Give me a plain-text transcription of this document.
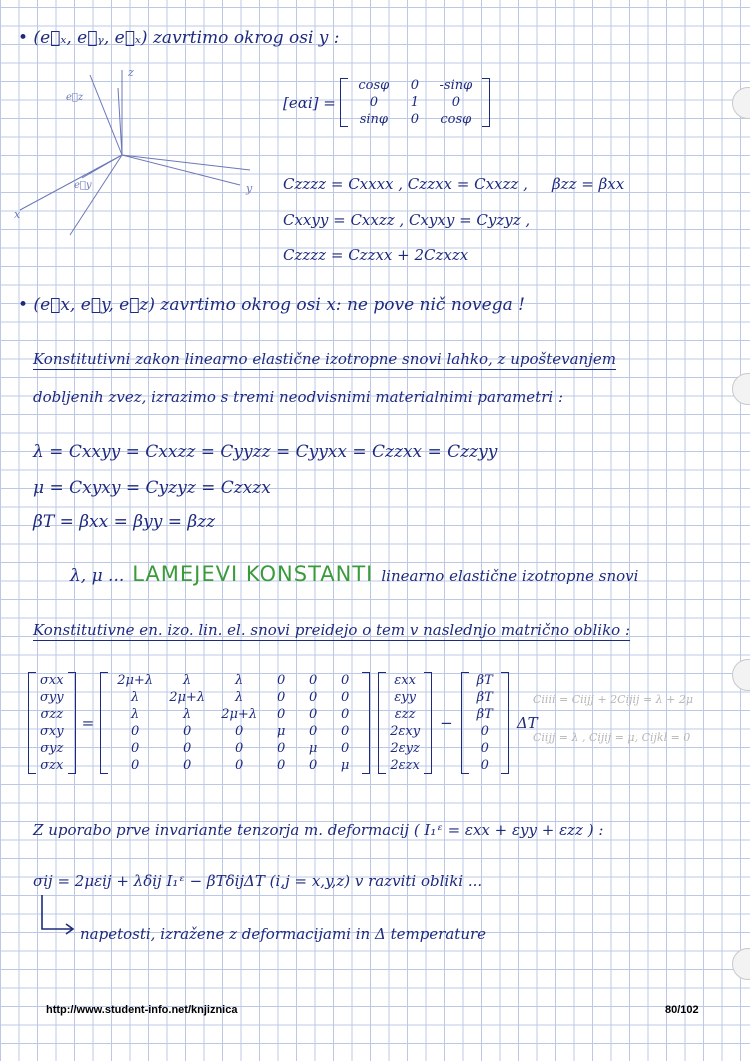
• (e⃗ₓ, e⃗ᵧ, e⃗ₓ) zavrtimo okrog osi y :
z
e⃗z
y
x
e⃗y
[eαi] =
cosφ	0	-sinφ
0	1	0
sinφ	0	cosφ
Czzzz = Cxxxx , Czzxx = Cxxzz , βzz = βxx
Cxxyy = Cxxzz , Cxyxy = Cyzyz ,
Czzzz = Czzxx + 2Czxzx
• (e⃗x, e⃗y, e⃗z) zavrtimo okrog osi x: ne pove nič novega !
Konstitutivni zakon linearno elastične izotropne snovi lahko, z upoštevanjem
dobljenih zvez, izrazimo s tremi neodvisnimi materialnimi parametri :
λ = Cxxyy = Cxxzz = Cyyzz = Cyyxx = Czzxx = Czzyy
μ = Cxyxy = Cyzyz = Czxzx
βT = βxx = βyy = βzz
λ, μ ... LAMEJEVI KONSTANTI linearno elastične izotropne snovi
Konstitutivne en. izo. lin. el. snovi preidejo o tem v naslednjo matrično obliko :
σxx
σyy
σzz
σxy
σyz
σzx
=
2μ+λ	λ	λ	0	0	0
λ	2μ+λ	λ	0	0	0
λ	λ	2μ+λ	0	0	0
0	0	0	μ	0	0
0	0	0	0	μ	0
0	0	0	0	0	μ
εxx
εyy
εzz
2εxy
2εyz
2εzx
−
βT
βT
βT
0
0
0
ΔT
Ciiii = Ciijj + 2Cijij = λ + 2μ
Ciijj = λ , Cijij = μ, Cijkl = 0
Z uporabo prve invariante tenzorja m. deformacij ( I₁ᵋ = εxx + εyy + εzz ) :
σij = 2μεij + λδij I₁ᵋ − βTδijΔT (i,j = x,y,z) v razviti obliki ...
napetosti, izražene z deformacijami in Δ temperature
http://www.student-info.net/knjiznica	80/102
